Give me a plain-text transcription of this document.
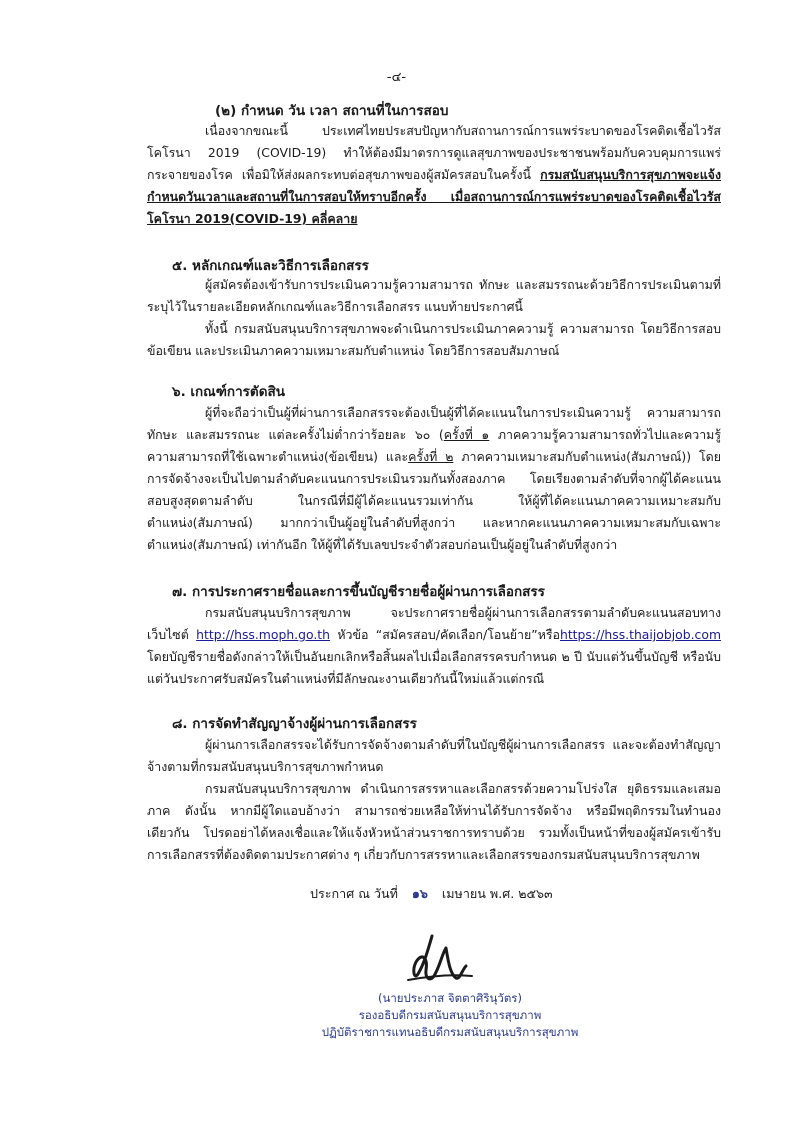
-๔-
(๒) กำหนด วัน เวลา สถานที่ในการสอบ

เนื่องจากขณะนี้ ประเทศไทยประสบปัญหากับสถานการณ์การแพร่ระบาดของโรคติดเชื้อไวรัสโคโรนา 2019 (COVID-19) ทำให้ต้องมีมาตรการดูแลสุขภาพของประชาชนพร้อมกับควบคุมการแพร่กระจายของโรค เพื่อมิให้ส่งผลกระทบต่อสุขภาพของผู้สมัครสอบในครั้งนี้ กรมสนับสนุนบริการสุขภาพจะแจ้งกำหนดวันเวลาและสถานที่ในการสอบให้ทราบอีกครั้ง เมื่อสถานการณ์การแพร่ระบาดของโรคติดเชื้อไวรัสโคโรนา 2019(COVID-19) คลี่คลาย

๕. หลักเกณฑ์และวิธีการเลือกสรร

ผู้สมัครต้องเข้ารับการประเมินความรู้ความสามารถ ทักษะ และสมรรถนะด้วยวิธีการประเมินตามที่ระบุไว้ในรายละเอียดหลักเกณฑ์และวิธีการเลือกสรร แนบท้ายประกาศนี้

ทั้งนี้ กรมสนับสนุนบริการสุขภาพจะดำเนินการประเมินภาคความรู้ ความสามารถ โดยวิธีการสอบข้อเขียน และประเมินภาคความเหมาะสมกับตำแหน่ง โดยวิธีการสอบสัมภาษณ์

๖. เกณฑ์การตัดสิน

ผู้ที่จะถือว่าเป็นผู้ที่ผ่านการเลือกสรรจะต้องเป็นผู้ที่ได้คะแนนในการประเมินความรู้ ความสามารถ ทักษะ และสมรรถนะ แต่ละครั้งไม่ต่ำกว่าร้อยละ ๖๐ (ครั้งที่ ๑ ภาคความรู้ความสามารถทั่วไปและความรู้ความสามารถที่ใช้เฉพาะตำแหน่ง(ข้อเขียน) และครั้งที่ ๒ ภาคความเหมาะสมกับตำแหน่ง(สัมภาษณ์)) โดยการจัดจ้างจะเป็นไปตามลำดับคะแนนการประเมินรวมกันทั้งสองภาค โดยเรียงตามลำดับที่จากผู้ได้คะแนนสอบสูงสุดตามลำดับ ในกรณีที่มีผู้ได้คะแนนรวมเท่ากัน ให้ผู้ที่ได้คะแนนภาคความเหมาะสมกับตำแหน่ง(สัมภาษณ์) มากกว่าเป็นผู้อยู่ในลำดับที่สูงกว่า และหากคะแนนภาคความเหมาะสมกับเฉพาะตำแหน่ง(สัมภาษณ์) เท่ากันอีก ให้ผู้ที่ได้รับเลขประจำตัวสอบก่อนเป็นผู้อยู่ในลำดับที่สูงกว่า

๗. การประกาศรายชื่อและการขึ้นบัญชีรายชื่อผู้ผ่านการเลือกสรร

กรมสนับสนุนบริการสุขภาพ จะประกาศรายชื่อผู้ผ่านการเลือกสรรตามลำดับคะแนนสอบทางเว็บไซต์ http://hss.moph.go.th หัวข้อ “สมัครสอบ/คัดเลือก/โอนย้าย”หรือhttps://hss.thaijobjob.com โดยบัญชีรายชื่อดังกล่าวให้เป็นอันยกเลิกหรือสิ้นผลไปเมื่อเลือกสรรครบกำหนด ๒ ปี นับแต่วันขึ้นบัญชี หรือนับแต่วันประกาศรับสมัครในตำแหน่งที่มีลักษณะงานเดียวกันนี้ใหม่แล้วแต่กรณี

๘. การจัดทำสัญญาจ้างผู้ผ่านการเลือกสรร

ผู้ผ่านการเลือกสรรจะได้รับการจัดจ้างตามลำดับที่ในบัญชีผู้ผ่านการเลือกสรร และจะต้องทำสัญญาจ้างตามที่กรมสนับสนุนบริการสุขภาพกำหนด

กรมสนับสนุนบริการสุขภาพ ดำเนินการสรรหาและเลือกสรรด้วยความโปร่งใส ยุติธรรมและเสมอภาค ดังนั้น หากมีผู้ใดแอบอ้างว่า สามารถช่วยเหลือให้ท่านได้รับการจัดจ้าง หรือมีพฤติกรรมในทำนองเดียวกัน โปรดอย่าได้หลงเชื่อและให้แจ้งหัวหน้าส่วนราชการทราบด้วย รวมทั้งเป็นหน้าที่ของผู้สมัครเข้ารับการเลือกสรรที่ต้องติดตามประกาศต่าง ๆ เกี่ยวกับการสรรหาและเลือกสรรของกรมสนับสนุนบริการสุขภาพ

ประกาศ ณ วันที่ ๑๖ เมษายน พ.ศ. ๒๕๖๓
(นายประภาส จิตตาศิรินุวัตร)
รองอธิบดีกรมสนับสนุนบริการสุขภาพ
ปฏิบัติราชการแทนอธิบดีกรมสนับสนุนบริการสุขภาพ
